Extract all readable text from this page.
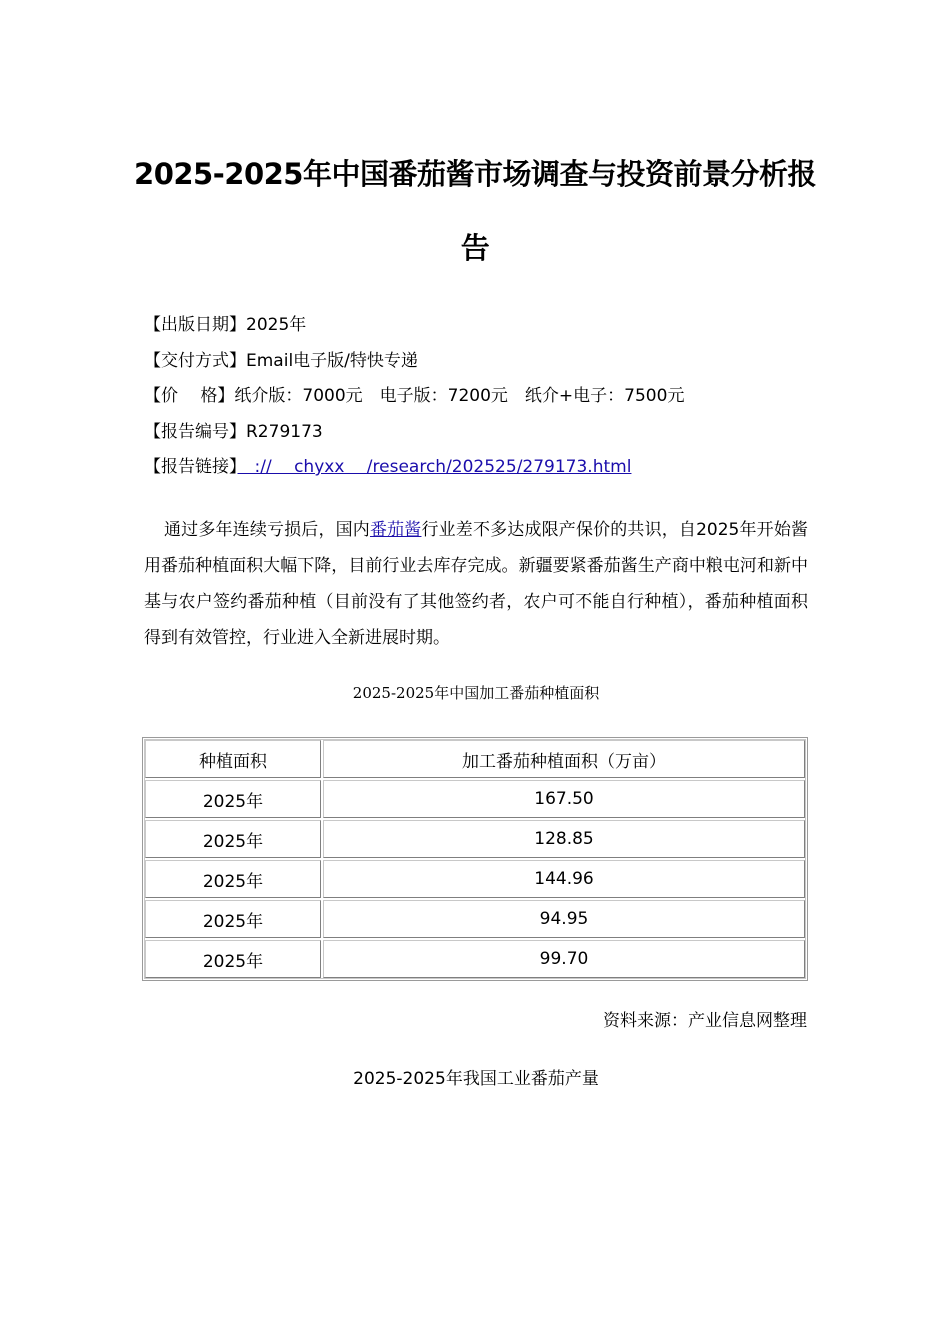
2025-2025年中国番茄酱市场调查与投资前景分析报
告
【出版日期】2025年
【交付方式】Email电子版/特快专递
【价　 格】纸介版：7000元　电子版：7200元　纸介+电子：7500元
【报告编号】R279173
【报告链接】　://　 chyxx　 /research/202525/279173.html
通过多年连续亏损后，国内番茄酱行业差不多达成限产保价的共识，自2025年开始酱用番茄种植面积大幅下降，目前行业去库存完成。新疆要紧番茄酱生产商中粮屯河和新中基与农户签约番茄种植（目前没有了其他签约者，农户可不能自行种植），番茄种植面积得到有效管控，行业进入全新进展时期。
2025-2025年中国加工番茄种植面积
种植面积	加工番茄种植面积（万亩）
2025年	167.50
2025年	128.85
2025年	144.96
2025年	94.95
2025年	99.70
资料来源：产业信息网整理
2025-2025年我国工业番茄产量
